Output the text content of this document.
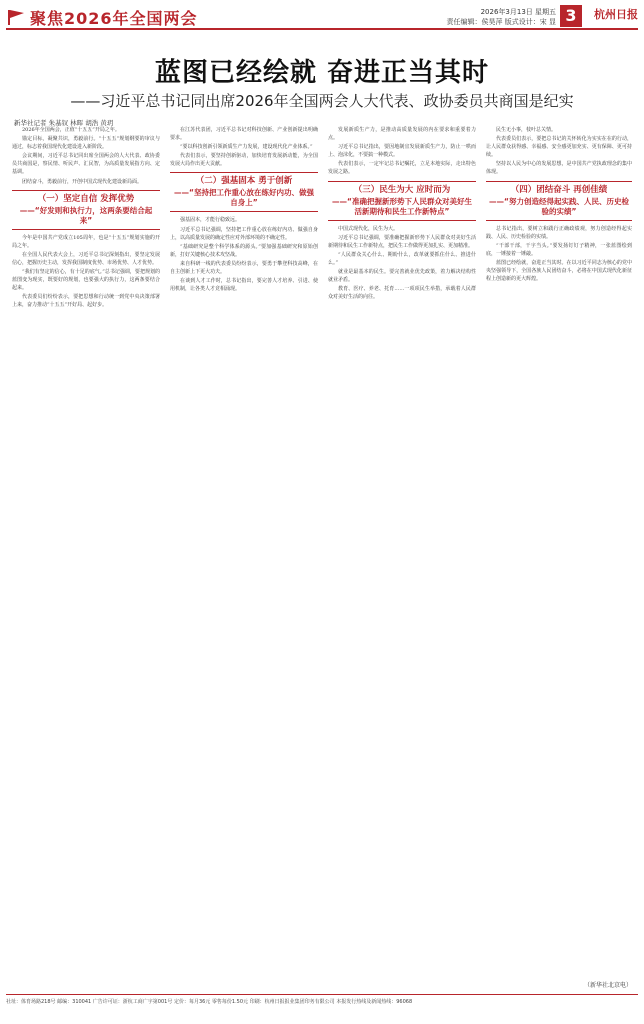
聚焦2026年全国两会	2026年3月13日 星期五
责任编辑：侯昊萍 版式设计：宋 显 3	杭州日报
蓝图已经绘就 奋进正当其时
——习近平总书记同出席2026年全国两会人大代表、政协委员共商国是纪实
新华社记者 朱基钗 林晖 胡浩 黄玥

2026年全国两会，正值“十五五”开局之年。

锚定目标，凝聚共识，勇毅前行。“十五五”规划纲要的审议与通过，标志着我国现代化建设进入新阶段。

会议期间，习近平总书记同出席全国两会的人大代表、政协委员共商国是，察民情、听民声、汇民智，为高质量发展指方向、定基调。

团结奋斗，勇毅前行，开创中国式现代化建设新局面。

（一）坚定自信 发挥优势
——“好发则和执行力，这两条要结合起来”

今年是中国共产党成立105周年，也是“十五五”规划实施的开局之年。

在全国人民代表大会上，习近平总书记深刻指出，要坚定发展信心，把握历史主动，发挥我国制度优势、市场优势、人才优势。

“我们有坚定的信心，有十足的底气。”总书记强调，要把规划的蓝图变为现实，既要好的规划，也要强大的执行力，这两条要结合起来。

代表委员们纷纷表示，要把思想和行动统一到党中央决策部署上来，奋力推动“十五五”开好局、起好步。

在江苏代表团，习近平总书记对科技创新、产业创新提出明确要求。

“要以科技创新引领新质生产力发展，建设现代化产业体系。”

代表们表示，要坚持创新驱动，加快培育发展新动能，为全国发展大局作出更大贡献。

（二）强基固本 勇于创新
——“坚持把工作重心放在练好内功、做强自身上”

强基固本，才能行稳致远。

习近平总书记强调，坚持把工作重心放在练好内功、做强自身上，以高质量发展的确定性应对外部环境的不确定性。

“基础研究是整个科学体系的源头。”要加强基础研究和原始创新，打好关键核心技术攻坚战。

来自科研一线的代表委员纷纷表示，要勇于攀登科技高峰，在自主创新上下更大功夫。

在谈到人才工作时，总书记指出，要完善人才培养、引进、使用机制，让各类人才竞相涌现。

发展新质生产力，是推动高质量发展的内在要求和重要着力点。

习近平总书记指出，要因地制宜发展新质生产力，防止一哄而上、泡沫化，不要搞一种模式。

代表们表示，一定牢记总书记嘱托，立足本地实际，走出特色发展之路。

（三）民生为大 应时而为
——“准确把握新形势下人民群众对美好生活新期待和民生工作新特点”

中国式现代化，民生为大。

习近平总书记强调，要准确把握新形势下人民群众对美好生活新期待和民生工作新特点，把民生工作做得更加扎实、更加精准。

“人民群众关心什么、期盼什么，改革就要抓住什么、推进什么。”

就业是最基本的民生。要完善就业优先政策，着力解决结构性就业矛盾。

教育、医疗、养老、托育……一项项民生举措，承载着人民群众对美好生活的向往。

民生无小事，枝叶总关情。

代表委员们表示，要把总书记的关怀转化为实实在在的行动，让人民群众获得感、幸福感、安全感更加充实、更有保障、更可持续。

坚持以人民为中心的发展思想，是中国共产党执政理念的集中体现。

（四）团结奋斗 再创佳绩
——“努力创造经得起实践、人民、历史检验的实绩”

总书记指出，要树立和践行正确政绩观，努力创造经得起实践、人民、历史检验的实绩。

“干部干部，干字当头。”要发扬钉钉子精神，一张蓝图绘到底，一锤接着一锤敲。

蓝图已经绘就，奋进正当其时。在以习近平同志为核心的党中央坚强领导下，全国各族人民团结奋斗，必将在中国式现代化新征程上创造新的更大辉煌。

（新华社北京电）
社址：体育场路218号 邮编：310041 广告许可证：浙杭工商广字第001号 定价：每月36元 零售每份1.50元 印刷：杭州日报报业集团印务有限公司 本报发行热线及新闻热线：96068
